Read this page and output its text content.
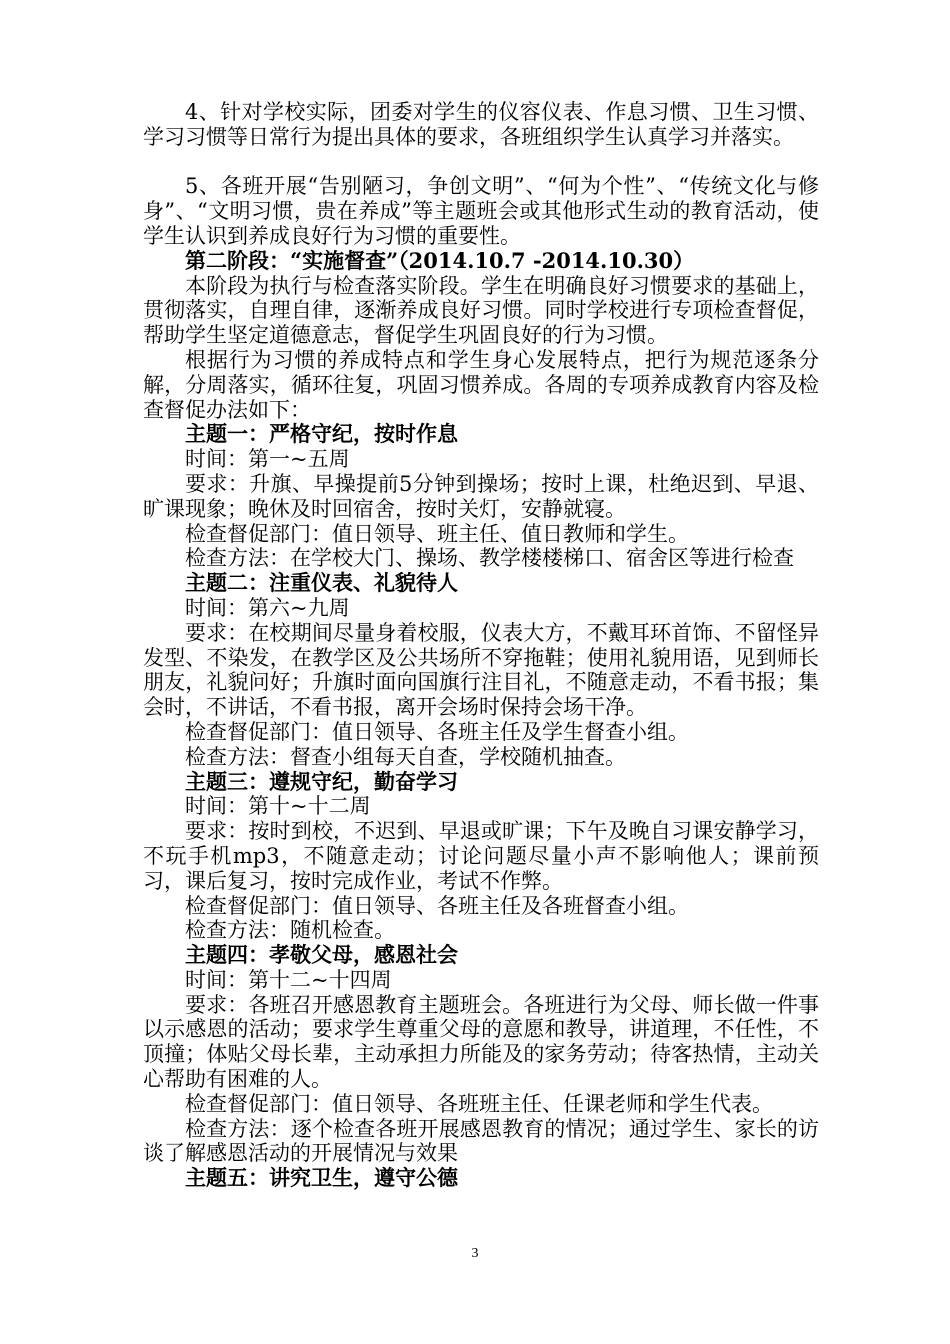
4、针对学校实际，团委对学生的仪容仪表、作息习惯、卫生习惯、学习习惯等日常行为提出具体的要求，各班组织学生认真学习并落实。

5、各班开展“告别陋习，争创文明”、“何为个性”、“传统文化与修身”、“文明习惯，贵在养成”等主题班会或其他形式生动的教育活动，使学生认识到养成良好行为习惯的重要性。

第二阶段：“实施督查”（2014.10.7 -2014.10.30）

本阶段为执行与检查落实阶段。学生在明确良好习惯要求的基础上，贯彻落实，自理自律，逐渐养成良好习惯。同时学校进行专项检查督促，帮助学生坚定道德意志，督促学生巩固良好的行为习惯。

根据行为习惯的养成特点和学生身心发展特点，把行为规范逐条分解，分周落实，循环往复，巩固习惯养成。各周的专项养成教育内容及检查督促办法如下：

主题一：严格守纪，按时作息

时间：第一~五周

要求：升旗、早操提前5分钟到操场；按时上课，杜绝迟到、早退、旷课现象；晚休及时回宿舍，按时关灯，安静就寝。

检查督促部门：值日领导、班主任、值日教师和学生。

检查方法：在学校大门、操场、教学楼楼梯口、宿舍区等进行检查

主题二：注重仪表、礼貌待人

时间：第六~九周

要求：在校期间尽量身着校服，仪表大方，不戴耳环首饰、不留怪异发型、不染发，在教学区及公共场所不穿拖鞋；使用礼貌用语，见到师长朋友，礼貌问好；升旗时面向国旗行注目礼，不随意走动，不看书报；集会时，不讲话，不看书报，离开会场时保持会场干净。

检查督促部门：值日领导、各班主任及学生督查小组。

检查方法：督查小组每天自查，学校随机抽查。

主题三：遵规守纪，勤奋学习

时间：第十~十二周

要求：按时到校，不迟到、早退或旷课；下午及晚自习课安静学习，不玩手机mp3，不随意走动；讨论问题尽量小声不影响他人；课前预习，课后复习，按时完成作业，考试不作弊。

检查督促部门：值日领导、各班主任及各班督查小组。

检查方法：随机检查。

主题四：孝敬父母，感恩社会

时间：第十二~十四周

要求：各班召开感恩教育主题班会。各班进行为父母、师长做一件事以示感恩的活动；要求学生尊重父母的意愿和教导，讲道理，不任性，不顶撞；体贴父母长辈，主动承担力所能及的家务劳动；待客热情，主动关心帮助有困难的人。

检查督促部门：值日领导、各班班主任、任课老师和学生代表。

检查方法：逐个检查各班开展感恩教育的情况；通过学生、家长的访谈了解感恩活动的开展情况与效果

主题五：讲究卫生，遵守公德

3
